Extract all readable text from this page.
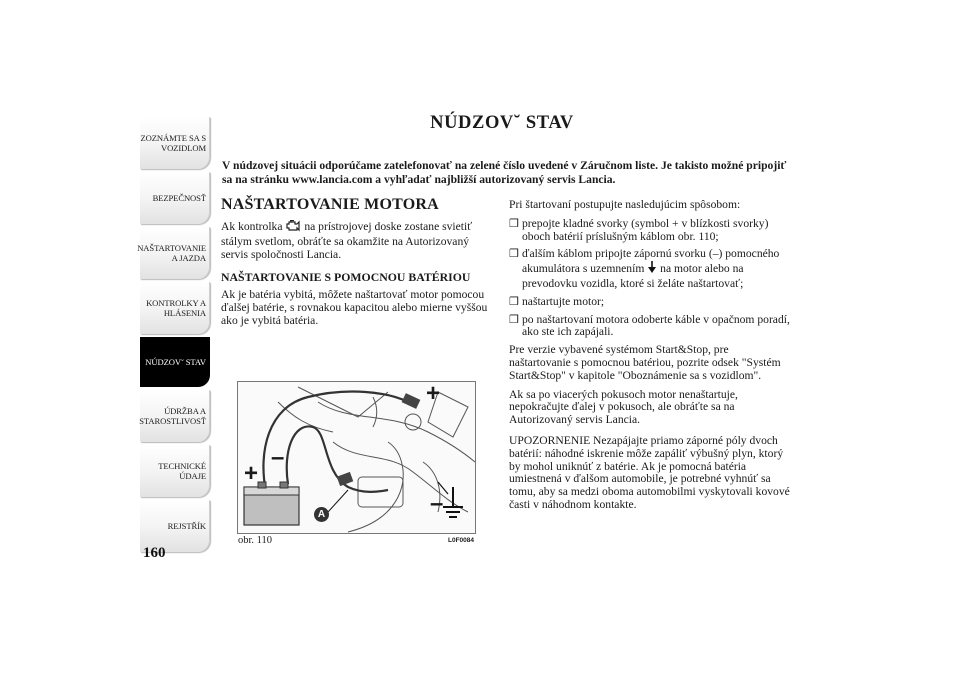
ZOZNÁMTE SA S
VOZIDLOM
BEZPEČNOSŤ
NAŠTARTOVANIE
A JAZDA
KONTROLKY A
HLÁSENIA
NÚDZOV˘ STAV
ÚDRŽBA A
STAROSTLIVOSŤ
TECHNICKÉ
ÚDAJE
REJSTŘÍK
160
NÚDZOV˘ STAV
V núdzovej situácii odporúčame zatelefonovať na zelené číslo uvedené v Záručnom liste. Je takisto možné pripojiť sa na stránku www.lancia.com a vyhľadať najbližší autorizovaný servis Lancia.
NAŠTARTOVANIE MOTORA
Ak kontrolka na prístrojovej doske zostane svietiť stálym svetlom, obráťte sa okamžite na Autorizovaný servis spoločnosti Lancia.
NAŠTARTOVANIE S POMOCNOU BATÉRIOU
Ak je batéria vybitá, môžete naštartovať motor pomocou ďalšej batérie, s rovnakou kapacitou alebo mierne vyššou ako je vybitá batéria.
+
–
+
–
A
obr. 110	L0F0084
Pri štartovaní postupujte nasledujúcim spôsobom:
❒ prepojte kladné svorky (symbol + v blízkosti svorky) oboch batérií príslušným káblom obr. 110;
❒ ďalším káblom pripojte zápornú svorku (–) pomocného akumulátora s uzemnením na motor alebo na prevodovku vozidla, ktoré si želáte naštartovať;
❒ naštartujte motor;
❒ po naštartovaní motora odoberte káble v opačnom poradí, ako ste ich zapájali.
Pre verzie vybavené systémom Start&Stop, pre naštartovanie s pomocnou batériou, pozrite odsek "Systém Start&Stop" v kapitole "Oboznámenie sa s vozidlom".
Ak sa po viacerých pokusoch motor nenaštartuje, nepokračujte ďalej v pokusoch, ale obráťte sa na Autorizovaný servis Lancia.
UPOZORNENIE Nezapájajte priamo záporné póly dvoch batérií: náhodné iskrenie môže zapáliť výbušný plyn, ktorý by mohol uniknúť z batérie. Ak je pomocná batéria umiestnená v ďalšom automobile, je potrebné vyhnúť sa tomu, aby sa medzi oboma automobilmi vyskytovali kovové časti v náhodnom kontakte.
